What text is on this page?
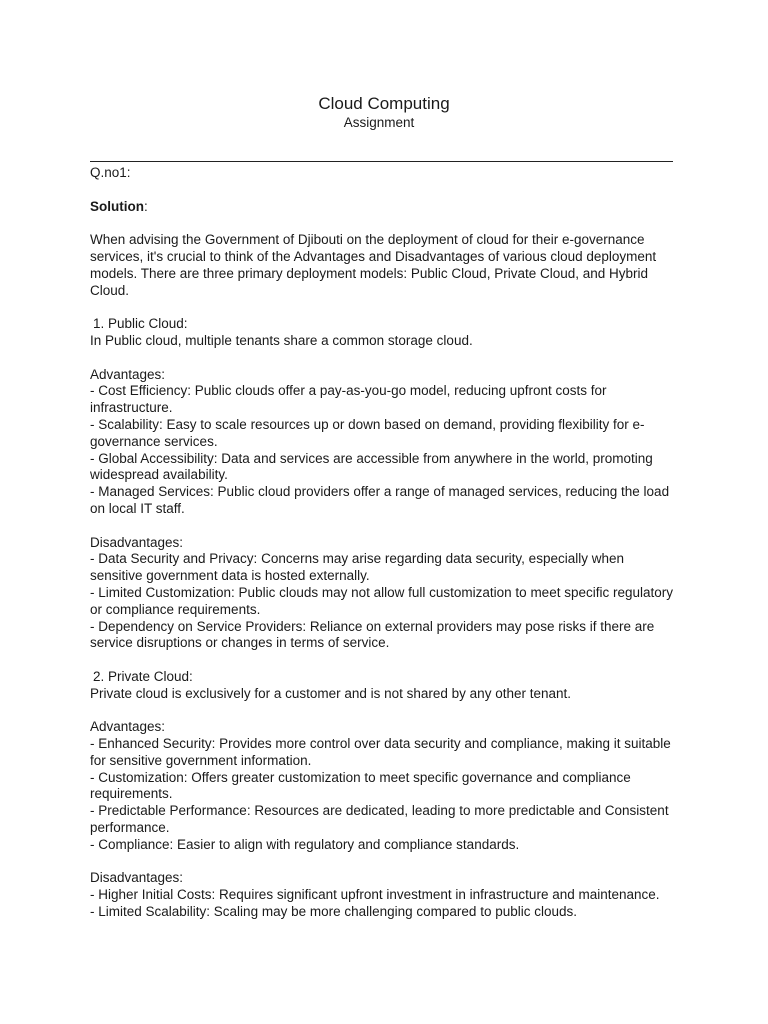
Cloud Computing
Assignment

Q.no1:

Solution:

When advising the Government of Djibouti on the deployment of cloud for their e-governance services, it's crucial to think of the Advantages and Disadvantages of various cloud deployment models. There are three primary deployment models: Public Cloud, Private Cloud, and Hybrid Cloud.

1. Public Cloud:

In Public cloud, multiple tenants share a common storage cloud.

Advantages:

- Cost Efficiency: Public clouds offer a pay-as-you-go model, reducing upfront costs for infrastructure.

- Scalability: Easy to scale resources up or down based on demand, providing flexibility for e-governance services.

- Global Accessibility: Data and services are accessible from anywhere in the world, promoting widespread availability.

- Managed Services: Public cloud providers offer a range of managed services, reducing the load on local IT staff.

Disadvantages:

- Data Security and Privacy: Concerns may arise regarding data security, especially when sensitive government data is hosted externally.

- Limited Customization: Public clouds may not allow full customization to meet specific regulatory or compliance requirements.

- Dependency on Service Providers: Reliance on external providers may pose risks if there are service disruptions or changes in terms of service.

2. Private Cloud:

Private cloud is exclusively for a customer and is not shared by any other tenant.

Advantages:

- Enhanced Security: Provides more control over data security and compliance, making it suitable for sensitive government information.

- Customization: Offers greater customization to meet specific governance and compliance requirements.

- Predictable Performance: Resources are dedicated, leading to more predictable and Consistent performance.

- Compliance: Easier to align with regulatory and compliance standards.

Disadvantages:

- Higher Initial Costs: Requires significant upfront investment in infrastructure and maintenance.

- Limited Scalability: Scaling may be more challenging compared to public clouds.
